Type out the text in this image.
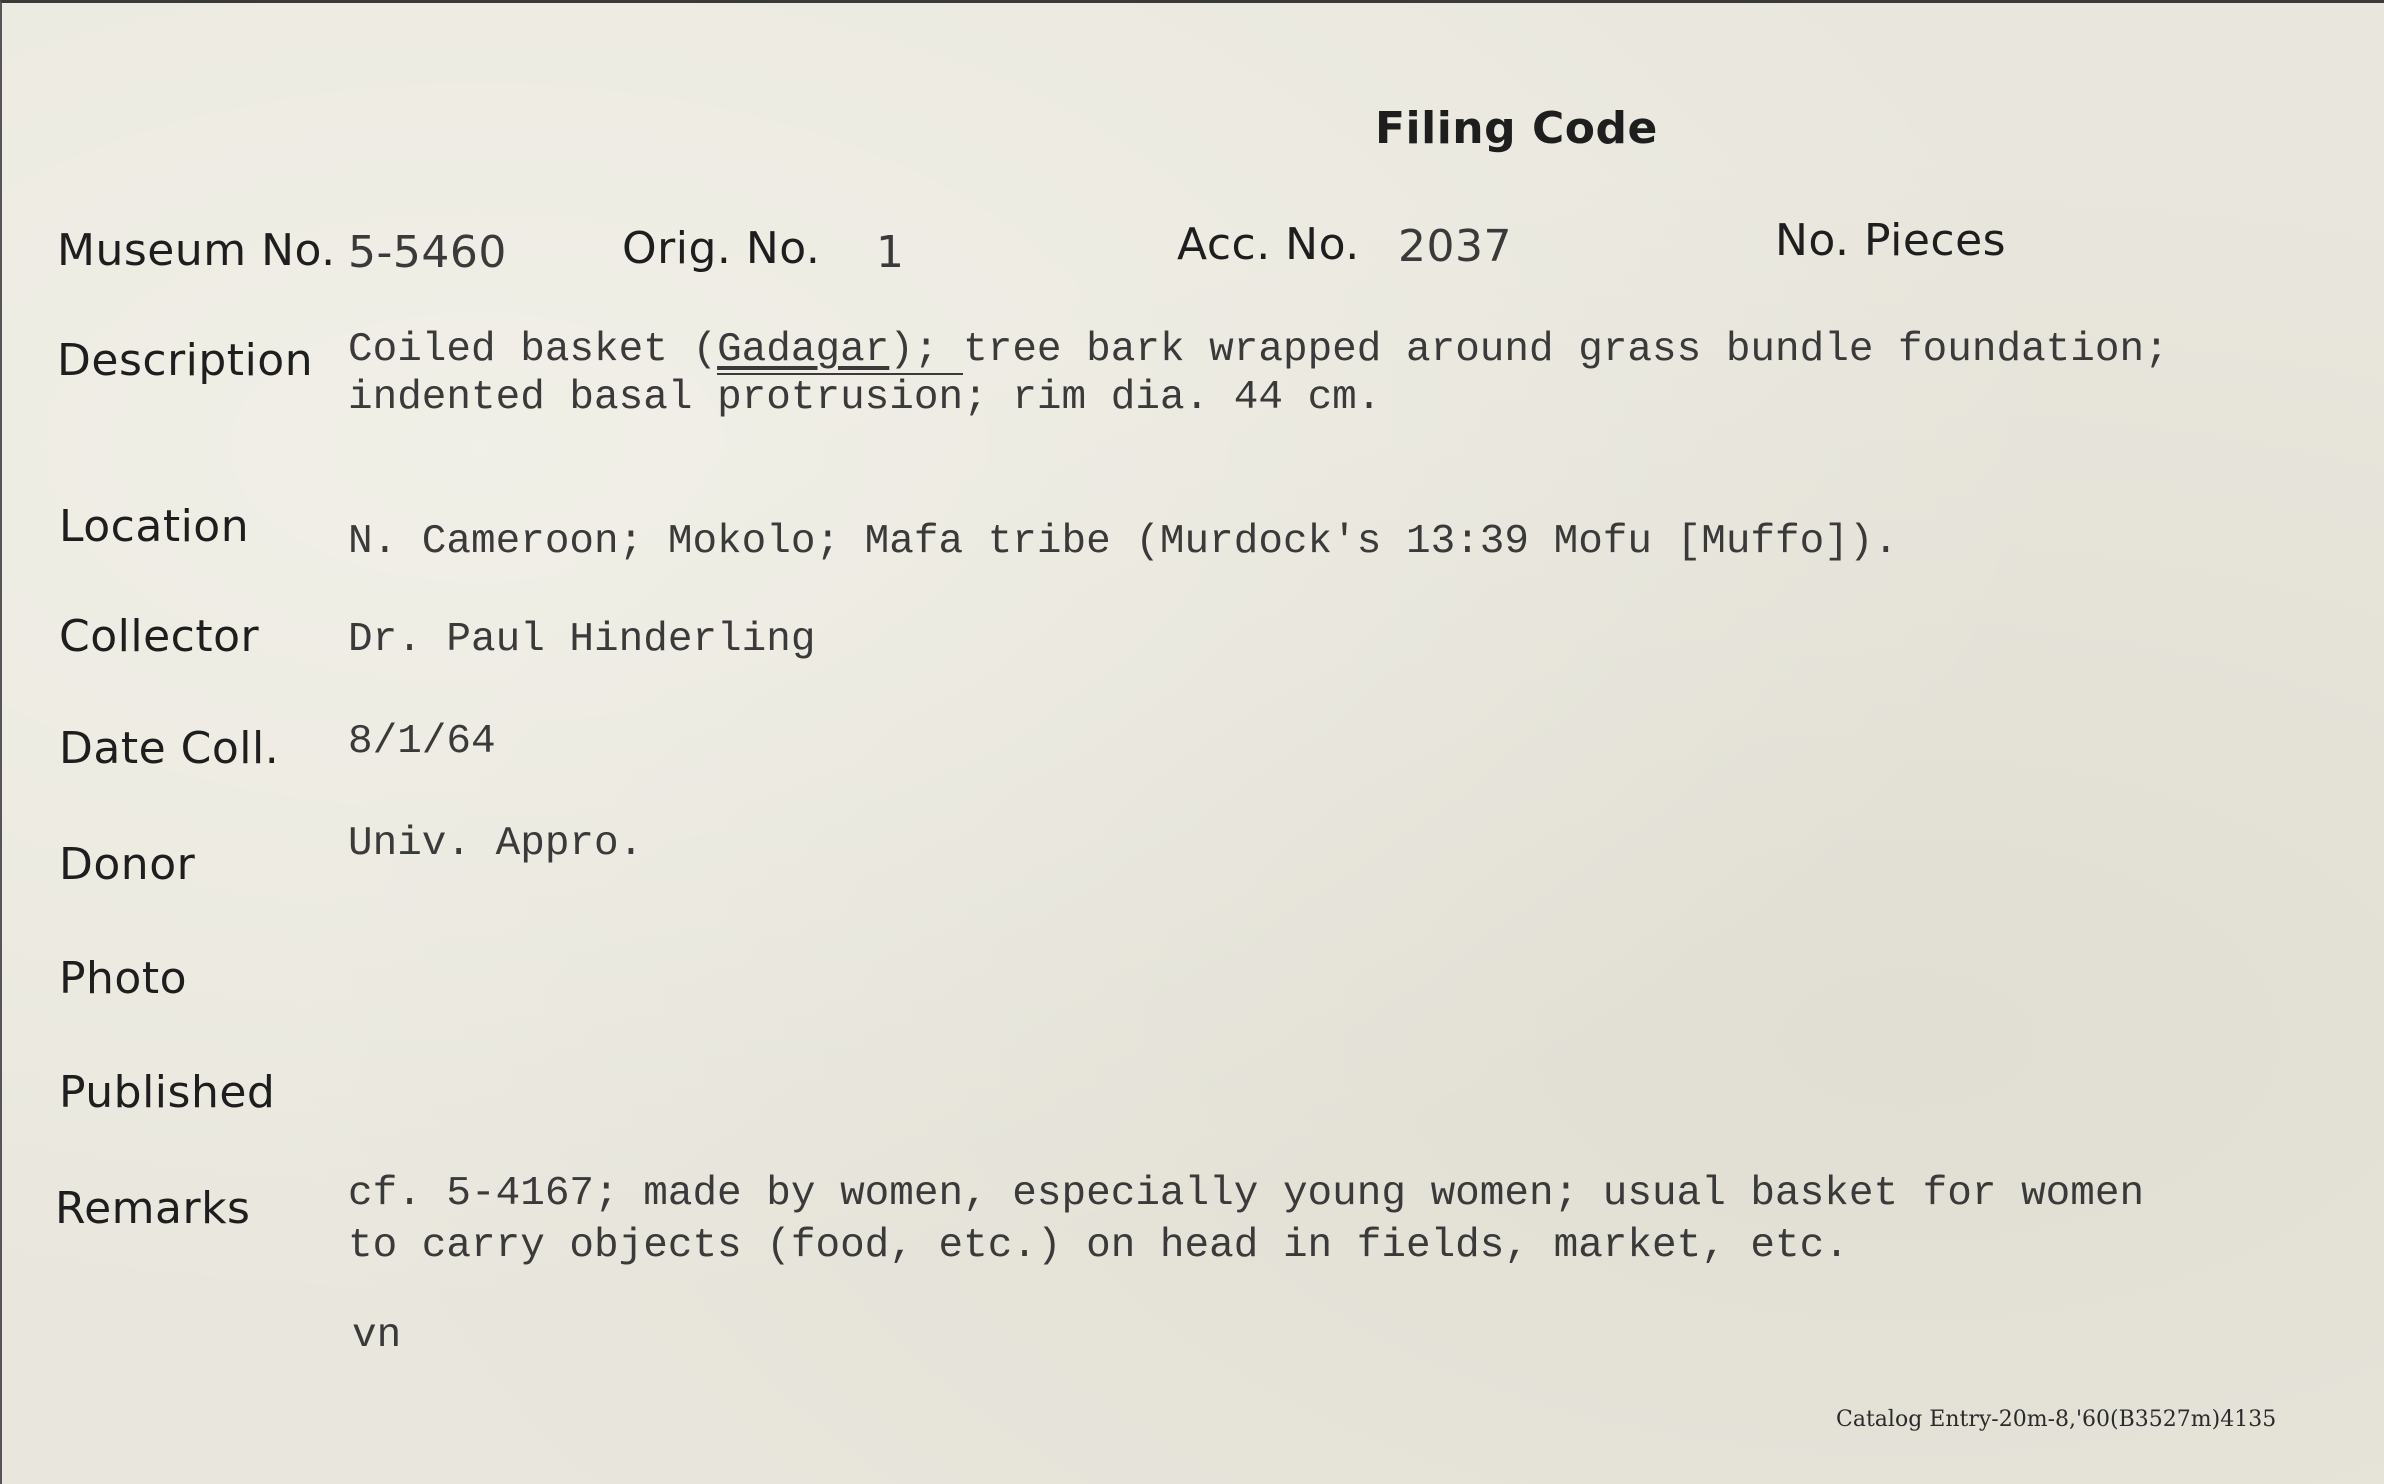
Filing Code
Museum No. 5-5460	Orig. No. 1	Acc. No. 2037	No. Pieces
Description Coiled basket (Gadagar); tree bark wrapped around grass bundle foundation;
indented basal protrusion; rim dia. 44 cm.
Location N. Cameroon; Mokolo; Mafa tribe (Murdock's 13:39 Mofu [Muffo]).
Collector Dr. Paul Hinderling
Date Coll. 8/1/64
Donor	Univ. Appro.
Photo
Published
Remarks cf. 5-4167; made by women, especially young women; usual basket for women
to carry objects (food, etc.) on head in fields, market, etc.
vn
Catalog Entry-20m-8,'60(B3527m)4135
